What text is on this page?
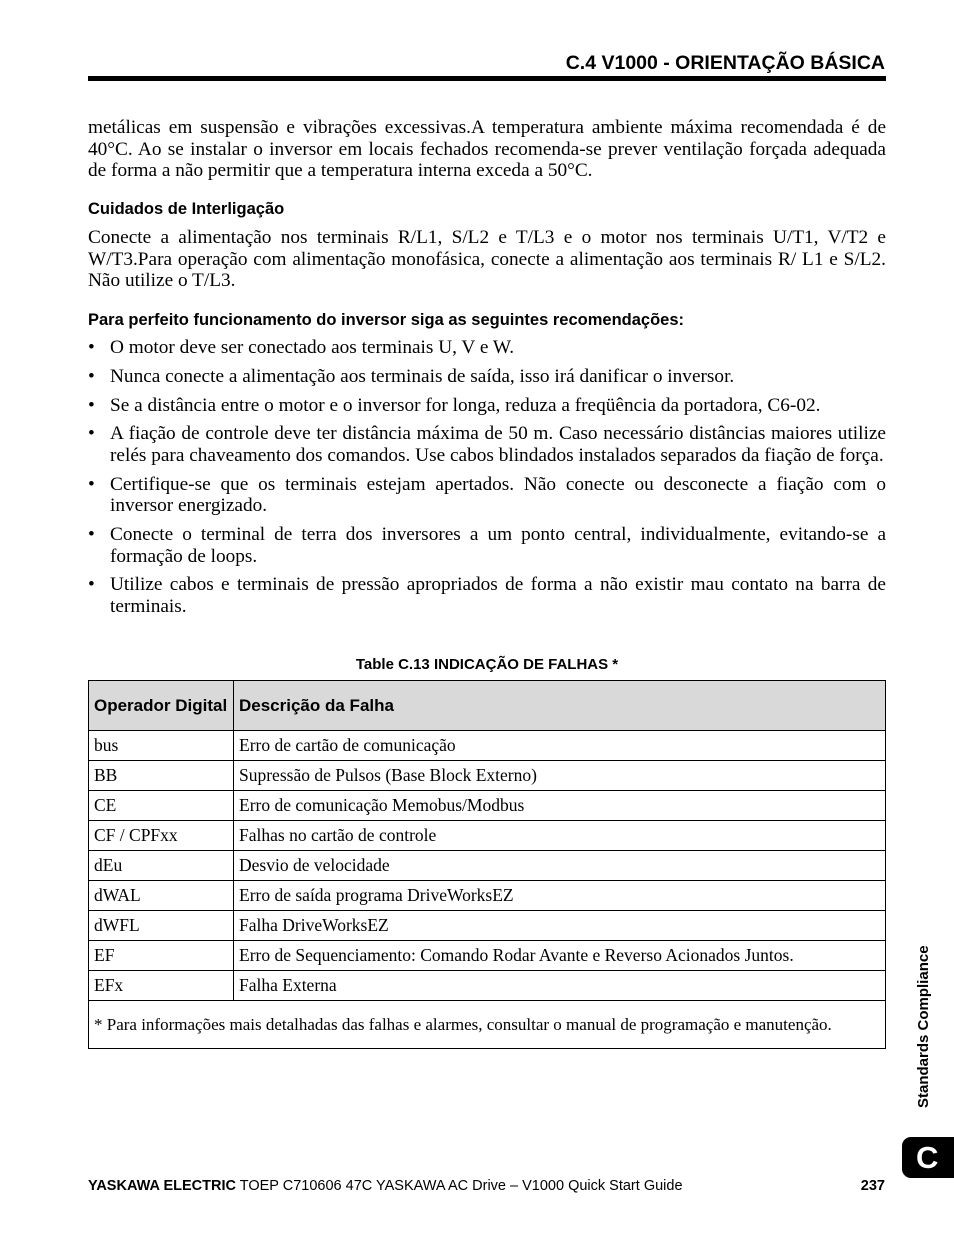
C.4 V1000 - ORIENTAÇÃO BÁSICA
metálicas em suspensão e vibrações excessivas.A temperatura ambiente máxima recomendada é de 40°C. Ao se instalar o inversor em locais fechados recomenda-se prever ventilação forçada adequada de forma a não permitir que a temperatura interna exceda a 50°C.
Cuidados de Interligação
Conecte a alimentação nos terminais R/L1, S/L2 e T/L3 e o motor nos terminais U/T1, V/T2 e W/T3.Para operação com alimentação monofásica, conecte a alimentação aos terminais R/ L1 e S/L2. Não utilize o T/L3.
Para perfeito funcionamento do inversor siga as seguintes recomendações:
• O motor deve ser conectado aos terminais U, V e W.
• Nunca conecte a alimentação aos terminais de saída, isso irá danificar o inversor.
• Se a distância entre o motor e o inversor for longa, reduza a freqüência da portadora, C6-02.
• A fiação de controle deve ter distância máxima de 50 m. Caso necessário distâncias maiores utilize relés para chaveamento dos comandos. Use cabos blindados instalados separados da fiação de força.
• Certifique-se que os terminais estejam apertados. Não conecte ou desconecte a fiação com o inversor energizado.
• Conecte o terminal de terra dos inversores a um ponto central, individualmente, evitando-se a formação de loops.
• Utilize cabos e terminais de pressão apropriados de forma a não existir mau contato na barra de terminais.
Table C.13 INDICAÇÃO DE FALHAS *
Operador Digital	Descrição da Falha
bus	Erro de cartão de comunicação
BB	Supressão de Pulsos (Base Block Externo)
CE	Erro de comunicação Memobus/Modbus
CF / CPFxx	Falhas no cartão de controle
dEu	Desvio de velocidade
dWAL	Erro de saída programa DriveWorksEZ
dWFL	Falha DriveWorksEZ
EF	Erro de Sequenciamento: Comando Rodar Avante e Reverso Acionados Juntos.
EFx	Falha Externa
* Para informações mais detalhadas das falhas e alarmes, consultar o manual de programação e manutenção.		Standards Compliance
C
YASKAWA ELECTRIC TOEP C710606 47C YASKAWA AC Drive – V1000 Quick Start Guide	237
